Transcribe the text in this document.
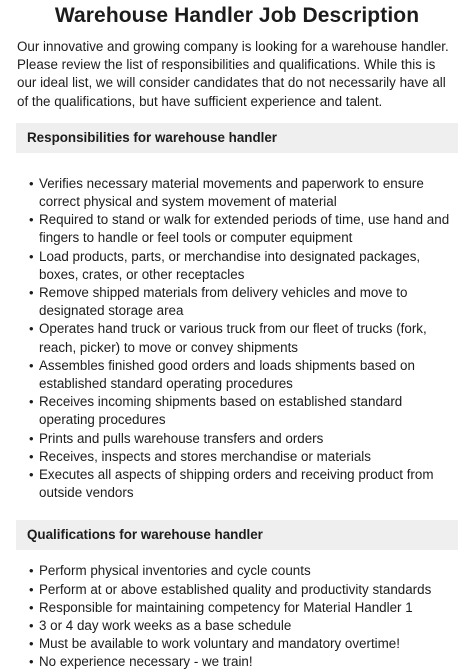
Warehouse Handler Job Description

Our innovative and growing company is looking for a warehouse handler. Please review the list of responsibilities and qualifications. While this is our ideal list, we will consider candidates that do not necessarily have all of the qualifications, but have sufficient experience and talent.

Responsibilities for warehouse handler
• Verifies necessary material movements and paperwork to ensure correct physical and system movement of material
• Required to stand or walk for extended periods of time, use hand and fingers to handle or feel tools or computer equipment
• Load products, parts, or merchandise into designated packages, boxes, crates, or other receptacles
• Remove shipped materials from delivery vehicles and move to designated storage area
• Operates hand truck or various truck from our fleet of trucks (fork, reach, picker) to move or convey shipments
• Assembles finished good orders and loads shipments based on established standard operating procedures
• Receives incoming shipments based on established standard operating procedures
• Prints and pulls warehouse transfers and orders
• Receives, inspects and stores merchandise or materials
• Executes all aspects of shipping orders and receiving product from outside vendors
Qualifications for warehouse handler
• Perform physical inventories and cycle counts
• Perform at or above established quality and productivity standards
• Responsible for maintaining competency for Material Handler 1
• 3 or 4 day work weeks as a base schedule
• Must be available to work voluntary and mandatory overtime!
• No experience necessary - we train!
